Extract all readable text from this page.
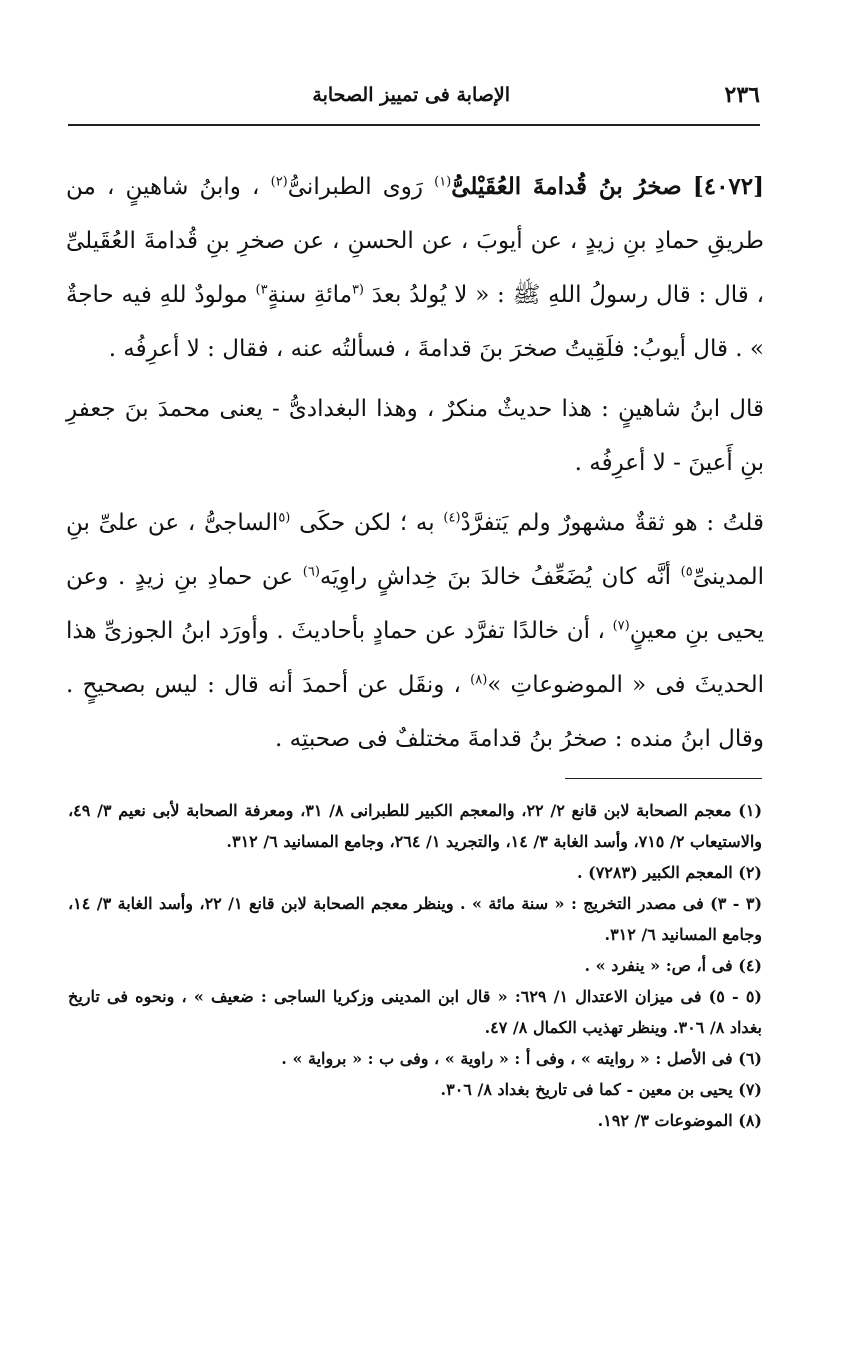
٢٣٦
الإصابة فى تمييز الصحابة

[٤٠٧٢] صخرُ بنُ قُدامةَ العُقَيْلىُّ$^{(١)}$ رَوى الطبرانىُّ$^{(٢)}$ ، وابنُ شاهينٍ ، من طريقِ حمادِ بنِ زيدٍ ، عن أيوبَ ، عن الحسنِ ، عن صخرِ بنِ قُدامةَ العُقَيلىِّ ، قال : قال رسولُ اللهِ ﷺ : « لا يُولدُ بعدَ $^{(٣}$مائةِ سنةٍ$^{٣)}$ مولودٌ للهِ فيه حاجةٌ » . قال أيوبُ: فلَقِيتُ صخرَ بنَ قدامةَ ، فسألتُه عنه ، فقال : لا أعرِفُه .

قال ابنُ شاهينٍ : هذا حديثٌ منكرٌ ، وهذا البغدادىُّ - يعنى محمدَ بنَ جعفرِ بنِ أَعينَ - لا أعرِفُه .

قلتُ : هو ثقةٌ مشهورٌ ولم يَتفرَّدْ$^{(٤)}$ به ؛ لكن حكَى $^{(٥}$الساجىُّ ، عن علىِّ بنِ المدينىِّ$^{٥)}$ أنَّه كان يُضَعِّفُ خالدَ بنَ خِداشٍ راوِيَه$^{(٦)}$ عن حمادِ بنِ زيدٍ . وعن يحيى بنِ معينٍ$^{(٧)}$ ، أن خالدًا تفرَّد عن حمادٍ بأحاديثَ . وأورَد ابنُ الجوزىِّ هذا الحديثَ فى « الموضوعاتِ »$^{(٨)}$ ، ونقَل عن أحمدَ أنه قال : ليس بصحيحٍ . وقال ابنُ منده : صخرُ بنُ قدامةَ مختلفٌ فى صحبتِه .

(١) معجم الصحابة لابن قانع ٢/ ٢٢، والمعجم الكبير للطبرانى ٨/ ٣١، ومعرفة الصحابة لأبى نعيم ٣/ ٤٩، والاستيعاب ٢/ ٧١٥، وأسد الغابة ٣/ ١٤، والتجريد ١/ ٢٦٤، وجامع المسانيد ٦/ ٣١٢.

(٢) المعجم الكبير (٧٢٨٣) .

(٣ - ٣) فى مصدر التخريج : « سنة مائة » . وينظر معجم الصحابة لابن قانع ١/ ٢٢، وأسد الغابة ٣/ ١٤، وجامع المسانيد ٦/ ٣١٢.

(٤) فى أ، ص: « ينفرد » .

(٥ - ٥) فى ميزان الاعتدال ١/ ٦٢٩: « قال ابن المدينى وزكريا الساجى : ضعيف » ، ونحوه فى تاريخ بغداد ٨/ ٣٠٦. وينظر تهذيب الكمال ٨/ ٤٧.

(٦) فى الأصل : « روايته » ، وفى أ : « راوية » ، وفى ب : « برواية » .

(٧) يحيى بن معين - كما فى تاريخ بغداد ٨/ ٣٠٦.

(٨) الموضوعات ٣/ ١٩٢.
